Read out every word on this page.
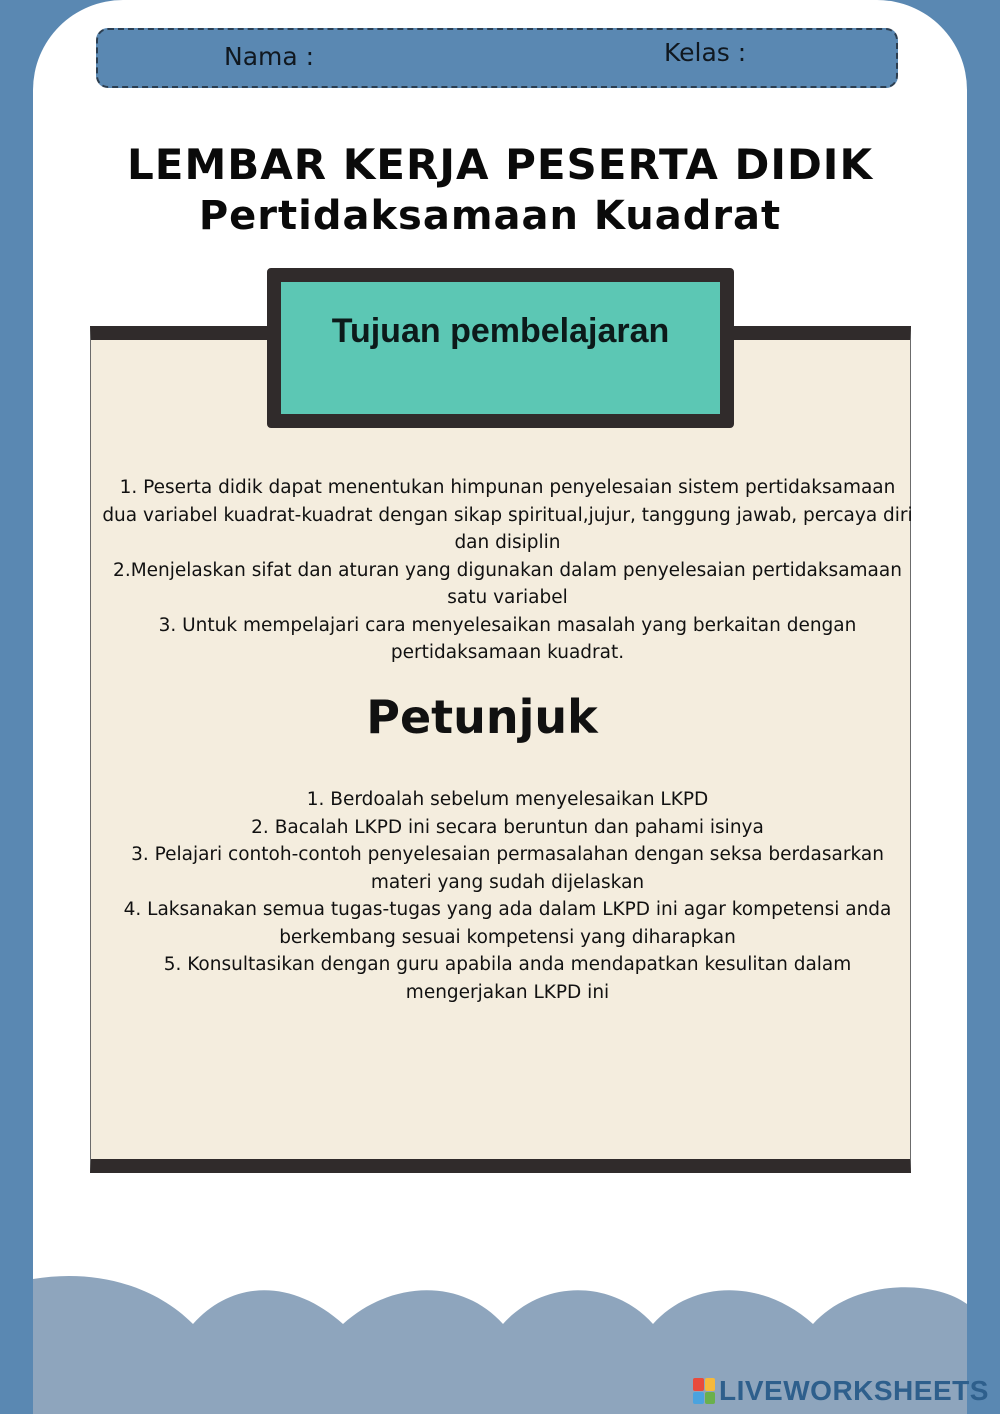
Nama :	Kelas :
LEMBAR KERJA PESERTA DIDIK
Pertidaksamaan Kuadrat
Tujuan pembelajaran

1. Peserta didik dapat menentukan himpunan penyelesaian sistem pertidaksamaan dua variabel kuadrat-kuadrat dengan sikap spiritual,jujur, tanggung jawab, percaya diri dan disiplin

2.Menjelaskan sifat dan aturan yang digunakan dalam penyelesaian pertidaksamaan satu variabel

3. Untuk mempelajari cara menyelesaikan masalah yang berkaitan dengan pertidaksamaan kuadrat.

Petunjuk

1. Berdoalah sebelum menyelesaikan LKPD

2. Bacalah LKPD ini secara beruntun dan pahami isinya

3. Pelajari contoh-contoh penyelesaian permasalahan dengan seksa berdasarkan materi yang sudah dijelaskan

4. Laksanakan semua tugas-tugas yang ada dalam LKPD ini agar kompetensi anda berkembang sesuai kompetensi yang diharapkan

5. Konsultasikan dengan guru apabila anda mendapatkan kesulitan dalam mengerjakan LKPD ini

LIVEWORKSHEETS
